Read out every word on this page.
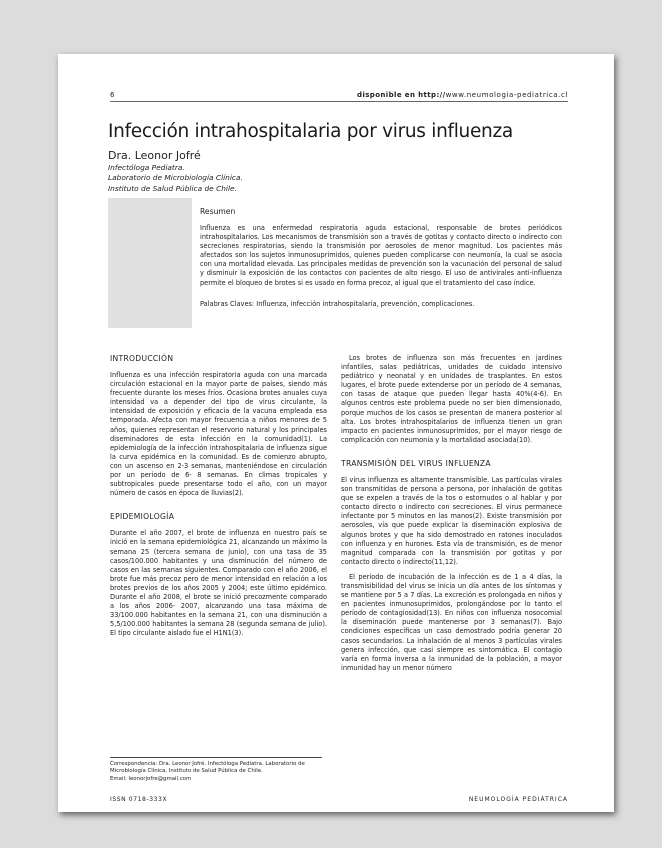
6	disponible en http://www.neumologia-pediatrica.cl
Infección intrahospitalaria por virus influenza
Dra. Leonor Jofré
Infectóloga Pediatra.
Laboratorio de Microbiología Clínica.
Instituto de Salud Pública de Chile.
Resumen

Influenza es una enfermedad respiratoria aguda estacional, responsable de brotes periódicos intrahospitalarios. Los mecanismos de transmisión son a través de gotitas y contacto directo o indirecto con secreciones respiratorias, siendo la transmisión por aerosoles de menor magnitud. Los pacientes más afectados son los sujetos inmunosuprimidos, quienes pueden complicarse con neumonía, la cual se asocia con una mortalidad elevada. Las principales medidas de prevención son la vacunación del personal de salud y disminuir la exposición de los contactos con pacientes de alto riesgo. El uso de antivirales anti-influenza permite el bloqueo de brotes si es usado en forma precoz, al igual que el tratamiento del caso índice.

Palabras Claves: Influenza, infección intrahospitalaria, prevención, complicaciones.
INTRODUCCIÓN

Influenza es una infección respiratoria aguda con una marcada circulación estacional en la mayor parte de países, siendo más frecuente durante los meses fríos. Ocasiona brotes anuales cuya intensidad va a depender del tipo de virus circulante, la intensidad de exposición y eficacia de la vacuna empleada esa temporada. Afecta con mayor frecuencia a niños menores de 5 años, quienes representan el reservorio natural y los principales diseminadores de esta infección en la comunidad(1). La epidemiología de la infección intrahospitalaria de influenza sigue la curva epidémica en la comunidad. Es de comienzo abrupto, con un ascenso en 2-3 semanas, manteniéndose en circulación por un período de 6- 8 semanas. En climas tropicales y subtropicales puede presentarse todo el año, con un mayor número de casos en época de lluvias(2).

EPIDEMIOLOGÍA

Durante el año 2007, el brote de influenza en nuestro país se inició en la semana epidemiológica 21, alcanzando un máximo la semana 25 (tercera semana de junio), con una tasa de 35 casos/100.000 habitantes y una disminución del número de casos en las semanas siguientes. Comparado con el año 2006, el brote fue más precoz pero de menor intensidad en relación a los brotes previos de los años 2005 y 2004; este último epidémico. Durante el año 2008, el brote se inició precozmente comparado a los años 2006- 2007, alcanzando una tasa máxima de 33/100.000 habitantes en la semana 21, con una disminución a 5,5/100.000 habitantes la semana 28 (segunda semana de julio). El tipo circulante aislado fue el H1N1(3).

Los brotes de influenza son más frecuentes en jardines infantiles, salas pediátricas, unidades de cuidado intensivo pediátrico y neonatal y en unidades de trasplantes. En estos lugares, el brote puede extenderse por un período de 4 semanas, con tasas de ataque que pueden llegar hasta 40%(4-6). En algunos centros este problema puede no ser bien dimensionado, porque muchos de los casos se presentan de manera posterior al alta. Los brotes intrahospitalarios de influenza tienen un gran impacto en pacientes inmunosuprimidos, por el mayor riesgo de complicación con neumonía y la mortalidad asociada(10).

TRANSMISIÓN DEL VIRUS INFLUENZA

El virus influenza es altamente transmisible. Las partículas virales son transmitidas de persona a persona, por inhalación de gotitas que se expelen a través de la tos o estornudos o al hablar y por contacto directo o indirecto con secreciones. El virus permanece infectante por 5 minutos en las manos(2). Existe transmisión por aerosoles, vía que puede explicar la diseminación explosiva de algunos brotes y que ha sido demostrado en ratones inoculados con influenza y en hurones. Esta vía de transmisión, es de menor magnitud comparada con la transmisión por gotitas y por contacto directo o indirecto(11,12).

El período de incubación de la infección es de 1 a 4 días, la transmisibilidad del virus se inicia un día antes de los síntomas y se mantiene por 5 a 7 días. La excreción es prolongada en niños y en pacientes inmunosuprimidos, prolongándose por lo tanto el período de contagiosidad(13). En niños con influenza nosocomial la diseminación puede mantenerse por 3 semanas(7). Bajo condiciones específicas un caso demostrado podría generar 20 casos secundarios. La inhalación de al menos 3 partículas virales genera infección, que casi siempre es sintomática. El contagio varía en forma inversa a la inmunidad de la población, a mayor inmunidad hay un menor número

Correspondencia: Dra. Leonor Jofré. Infectóloga Pediatra. Laboratorio de Microbiología Clínica, Instituto de Salud Pública de Chile.
Email: leonorjofre@gmail.com
ISSN 0718-333X	NEUMOLOGÍA PEDIÁTRICA
